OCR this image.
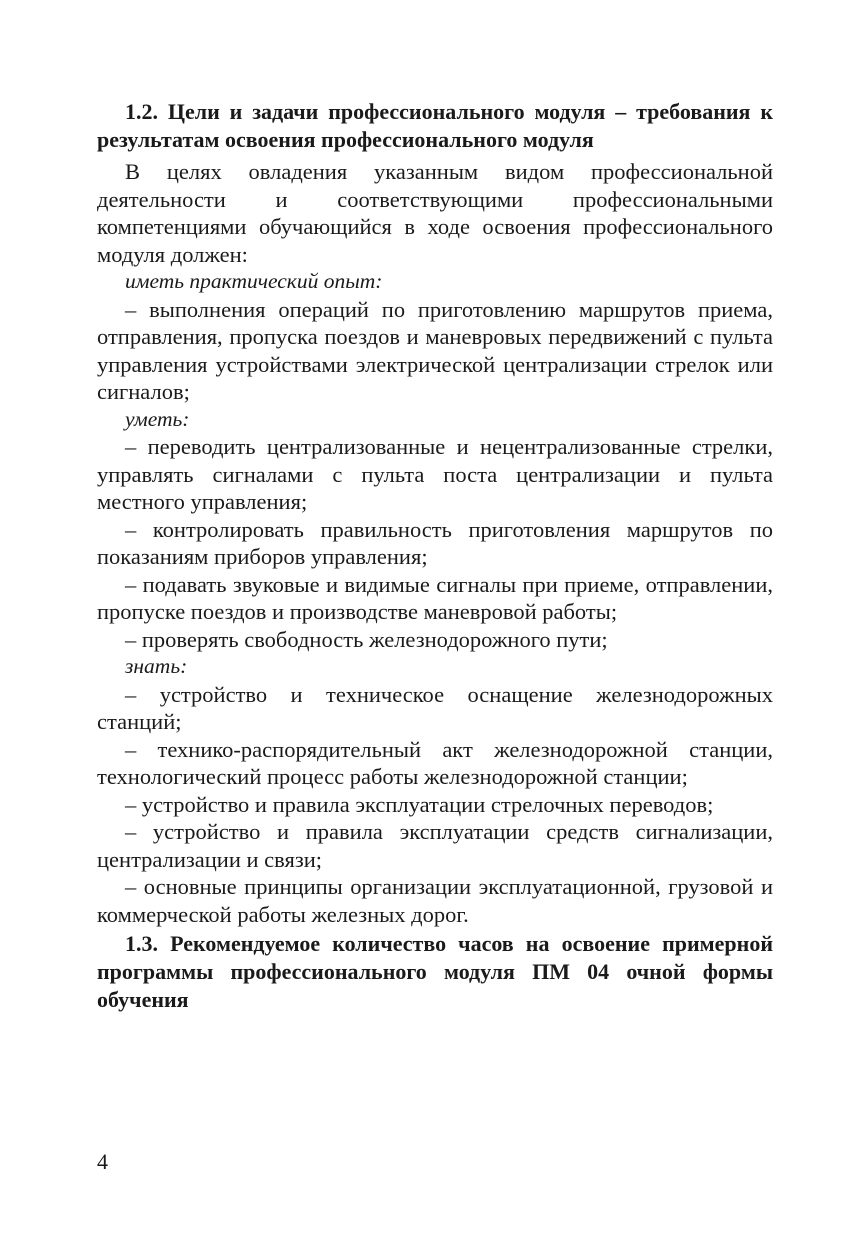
1.2. Цели и задачи профессионального модуля – требования к результатам освоения профессионального модуля

В целях овладения указанным видом профессиональной деятельности и соответствующими профессиональными компетенциями обучающийся в ходе освоения профессионального модуля должен:

иметь практический опыт:

– выполнения операций по приготовлению маршрутов приема, отправления, пропуска поездов и маневровых передвижений с пульта управления устройствами электрической централизации стрелок или сигналов;

уметь:

– переводить централизованные и нецентрализованные стрелки, управлять сигналами с пульта поста централизации и пульта местного управления;

– контролировать правильность приготовления маршрутов по показаниям приборов управления;

– подавать звуковые и видимые сигналы при приеме, отправлении, пропуске поездов и производстве маневровой работы;

– проверять свободность железнодорожного пути;

знать:

– устройство и техническое оснащение железнодорожных станций;

– технико-распорядительный акт железнодорожной станции, технологический процесс работы железнодорожной станции;

– устройство и правила эксплуатации стрелочных переводов;

– устройство и правила эксплуатации средств сигнализации, централизации и связи;

– основные принципы организации эксплуатационной, грузовой и коммерческой работы железных дорог.

1.3. Рекомендуемое количество часов на освоение примерной программы профессионального модуля ПМ 04 очной формы обучения

4
